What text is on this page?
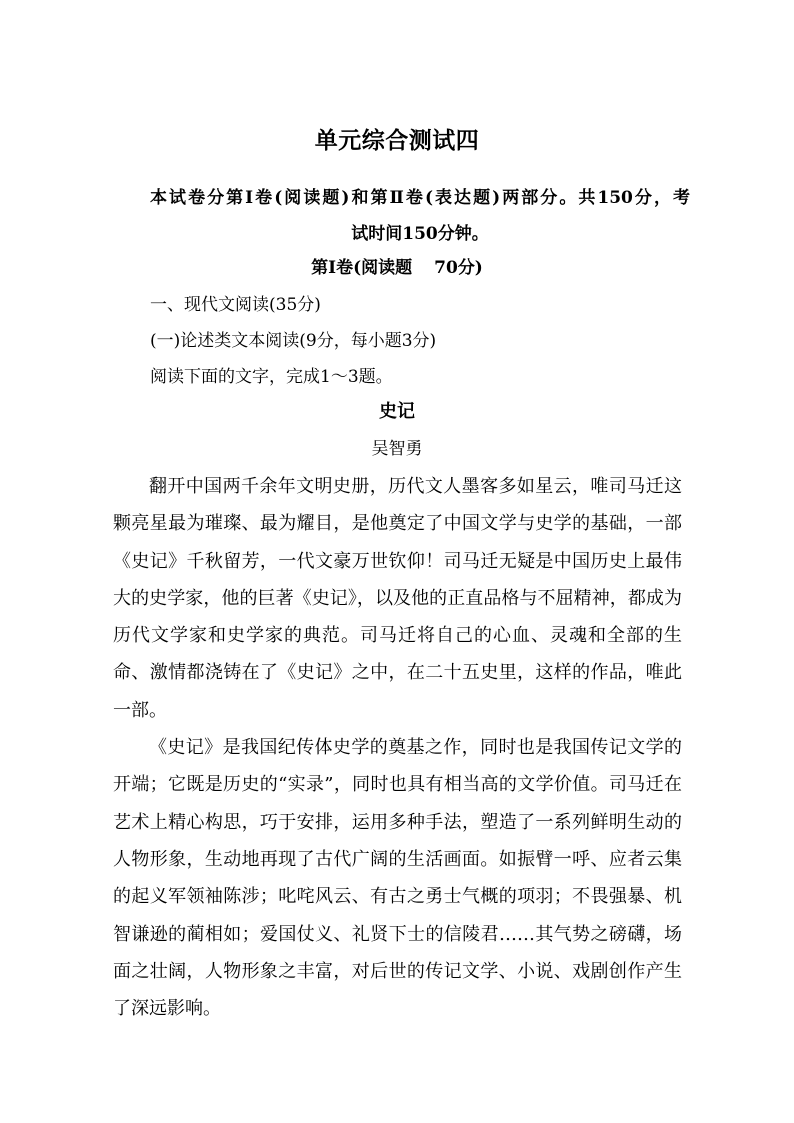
单元综合测试四
本试卷分第Ⅰ卷(阅读题)和第Ⅱ卷(表达题)两部分。共150分，考
试时间150分钟。
第Ⅰ卷(阅读题 70分)
一、现代文阅读(35分)
(一)论述类文本阅读(9分，每小题3分)
阅读下面的文字，完成1～3题。
史记
吴智勇

翻开中国两千余年文明史册，历代文人墨客多如星云，唯司马迁这颗亮星最为璀璨、最为耀目，是他奠定了中国文学与史学的基础，一部《史记》千秋留芳，一代文豪万世钦仰！司马迁无疑是中国历史上最伟大的史学家，他的巨著《史记》，以及他的正直品格与不屈精神，都成为历代文学家和史学家的典范。司马迁将自己的心血、灵魂和全部的生命、激情都浇铸在了《史记》之中，在二十五史里，这样的作品，唯此一部。

《史记》是我国纪传体史学的奠基之作，同时也是我国传记文学的开端；它既是历史的“实录”，同时也具有相当高的文学价值。司马迁在艺术上精心构思，巧于安排，运用多种手法，塑造了一系列鲜明生动的人物形象，生动地再现了古代广阔的生活画面。如振臂一呼、应者云集的起义军领袖陈涉；叱咤风云、有古之勇士气概的项羽；不畏强暴、机智谦逊的蔺相如；爱国仗义、礼贤下士的信陵君……其气势之磅礴，场面之壮阔，人物形象之丰富，对后世的传记文学、小说、戏剧创作产生了深远影响。
